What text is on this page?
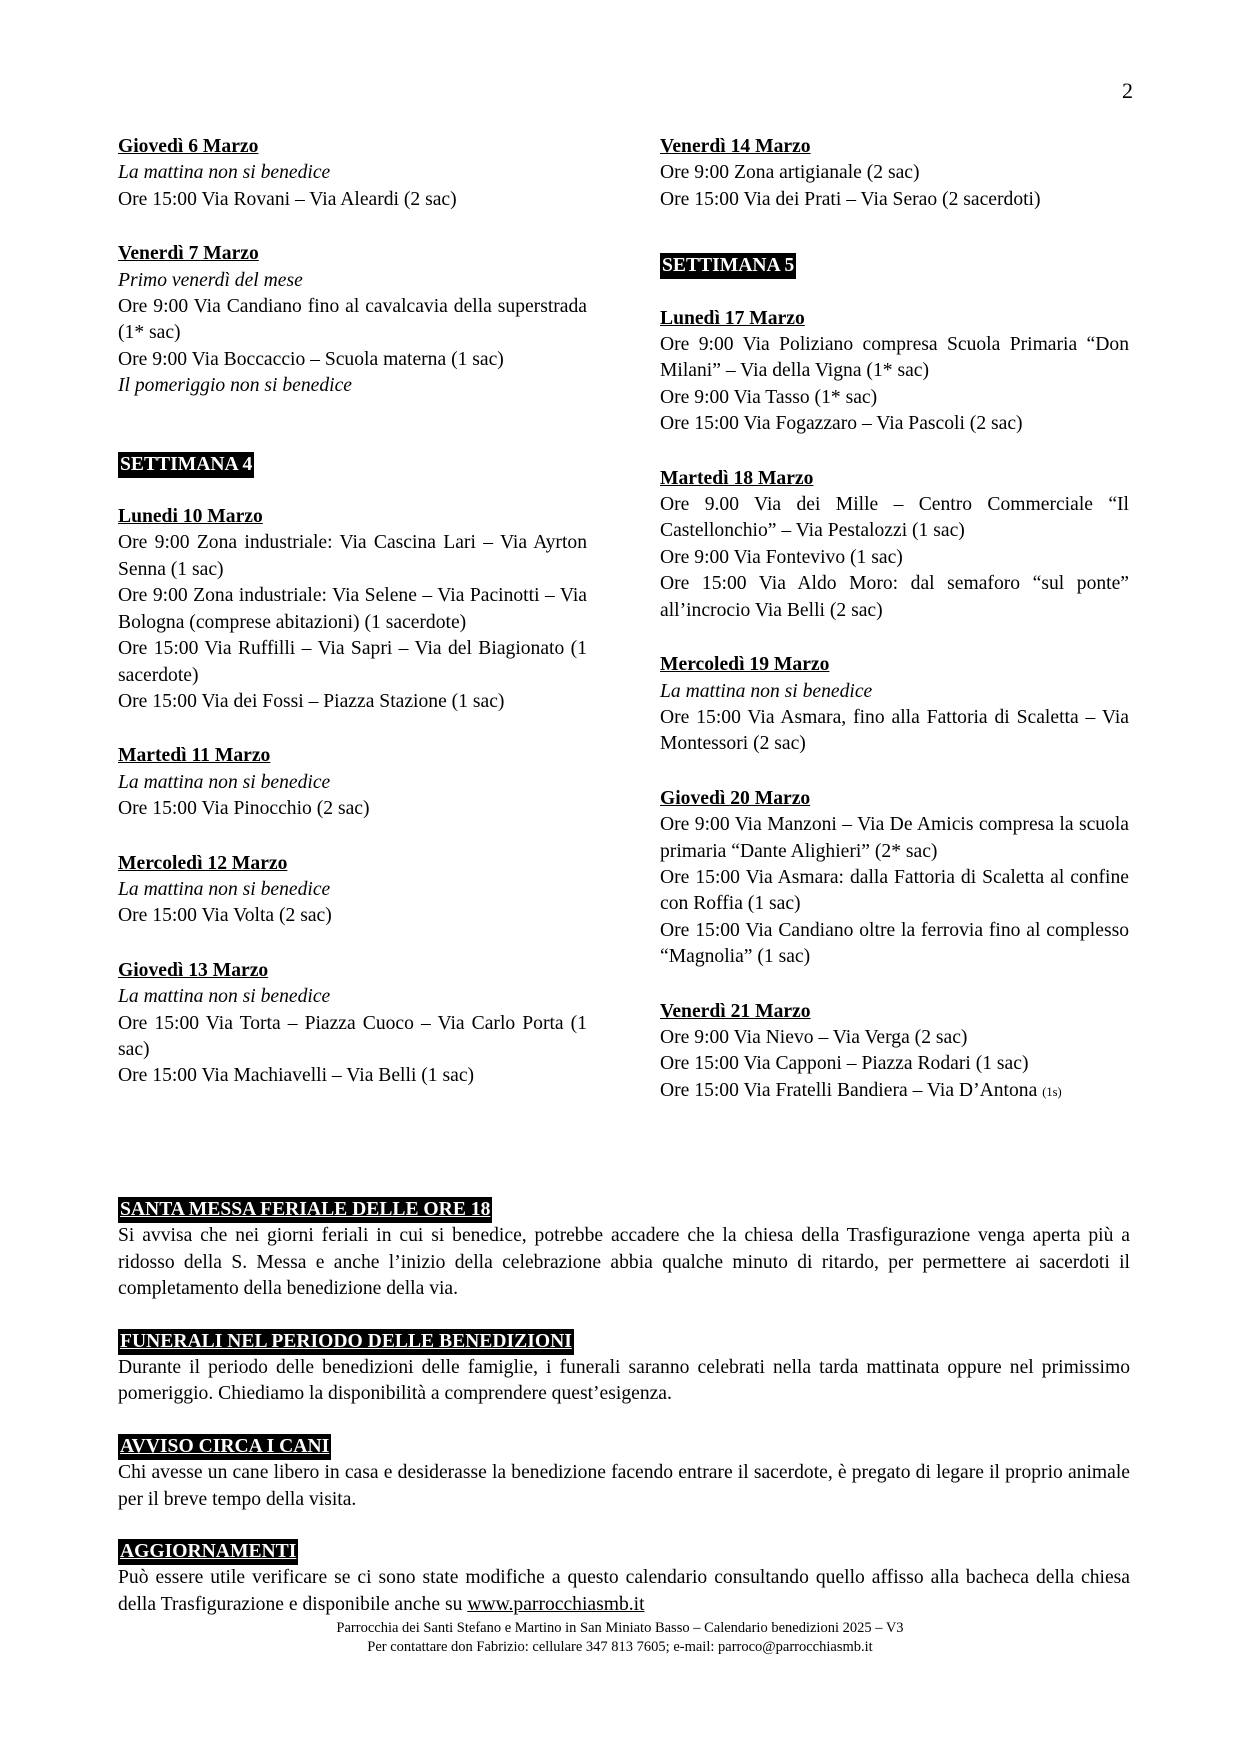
2
Giovedì 6 Marzo
La mattina non si benedice
Ore 15:00 Via Rovani – Via Aleardi (2 sac)
Venerdì 7 Marzo
Primo venerdì del mese
Ore 9:00 Via Candiano fino al cavalcavia della superstrada (1* sac)
Ore 9:00 Via Boccaccio – Scuola materna (1 sac)
Il pomeriggio non si benedice
SETTIMANA 4
Lunedi 10 Marzo
Ore 9:00 Zona industriale: Via Cascina Lari – Via Ayrton Senna (1 sac)
Ore 9:00 Zona industriale: Via Selene – Via Pacinotti – Via Bologna (comprese abitazioni) (1 sacerdote)
Ore 15:00 Via Ruffilli – Via Sapri – Via del Biagionato (1 sacerdote)
Ore 15:00 Via dei Fossi – Piazza Stazione (1 sac)
Martedì 11 Marzo
La mattina non si benedice
Ore 15:00 Via Pinocchio (2 sac)
Mercoledì 12 Marzo
La mattina non si benedice
Ore 15:00 Via Volta (2 sac)
Giovedì 13 Marzo
La mattina non si benedice
Ore 15:00 Via Torta – Piazza Cuoco – Via Carlo Porta (1 sac)
Ore 15:00 Via Machiavelli – Via Belli (1 sac)
Venerdì 14 Marzo
Ore 9:00 Zona artigianale (2 sac)
Ore 15:00 Via dei Prati – Via Serao (2 sacerdoti)
SETTIMANA 5
Lunedì 17 Marzo
Ore 9:00 Via Poliziano compresa Scuola Primaria “Don Milani” – Via della Vigna (1* sac)
Ore 9:00 Via Tasso (1* sac)
Ore 15:00 Via Fogazzaro – Via Pascoli (2 sac)
Martedì 18 Marzo
Ore 9.00 Via dei Mille – Centro Commerciale “Il Castellonchio” – Via Pestalozzi (1 sac)
Ore 9:00 Via Fontevivo (1 sac)
Ore 15:00 Via Aldo Moro: dal semaforo “sul ponte” all’incrocio Via Belli (2 sac)
Mercoledì 19 Marzo
La mattina non si benedice
Ore 15:00 Via Asmara, fino alla Fattoria di Scaletta – Via Montessori (2 sac)
Giovedì 20 Marzo
Ore 9:00 Via Manzoni – Via De Amicis compresa la scuola primaria “Dante Alighieri” (2* sac)
Ore 15:00 Via Asmara: dalla Fattoria di Scaletta al confine con Roffia (1 sac)
Ore 15:00 Via Candiano oltre la ferrovia fino al complesso “Magnolia” (1 sac)
Venerdì 21 Marzo
Ore 9:00 Via Nievo – Via Verga (2 sac)
Ore 15:00 Via Capponi – Piazza Rodari (1 sac)
Ore 15:00 Via Fratelli Bandiera – Via D’Antona (1s)
SANTA MESSA FERIALE DELLE ORE 18
Si avvisa che nei giorni feriali in cui si benedice, potrebbe accadere che la chiesa della Trasfigurazione venga aperta più a ridosso della S. Messa e anche l’inizio della celebrazione abbia qualche minuto di ritardo, per permettere ai sacerdoti il completamento della benedizione della via.
FUNERALI NEL PERIODO DELLE BENEDIZIONI
Durante il periodo delle benedizioni delle famiglie, i funerali saranno celebrati nella tarda mattinata oppure nel primissimo pomeriggio. Chiediamo la disponibilità a comprendere quest’esigenza.
AVVISO CIRCA I CANI
Chi avesse un cane libero in casa e desiderasse la benedizione facendo entrare il sacerdote, è pregato di legare il proprio animale per il breve tempo della visita.
AGGIORNAMENTI
Può essere utile verificare se ci sono state modifiche a questo calendario consultando quello affisso alla bacheca della chiesa della Trasfigurazione e disponibile anche su www.parrocchiasmb.it
Parrocchia dei Santi Stefano e Martino in San Miniato Basso – Calendario benedizioni 2025 – V3
Per contattare don Fabrizio: cellulare 347 813 7605; e-mail: parroco@parrocchiasmb.it
